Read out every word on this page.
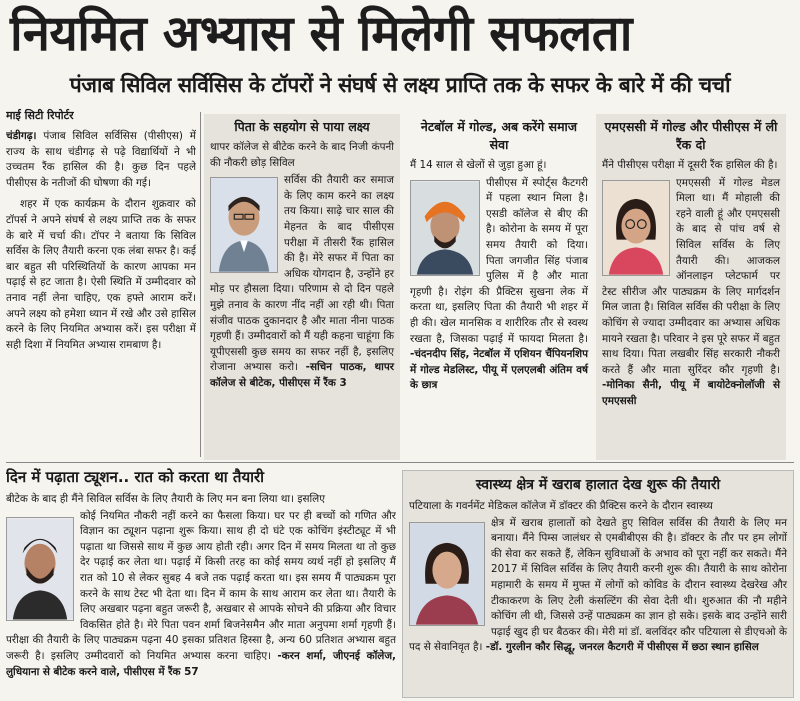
नियमित अभ्यास से मिलेगी सफलता
पंजाब सिविल सर्विसिस के टॉपरों ने संघर्ष से लक्ष्य प्राप्ति तक के सफर के बारे में की चर्चा
माई सिटी रिपोर्टर

चंडीगढ़। पंजाब सिविल सर्विसिस (पीसीएस) में राज्य के साथ चंडीगढ़ से पढ़े विद्यार्थियों ने भी उच्चतम रैंक हासिल की है। कुछ दिन पहले पीसीएस के नतीजों की घोषणा की गई।

शहर में एक कार्यक्रम के दौरान शुक्रवार को टॉपर्स ने अपने संघर्ष से लक्ष्य प्राप्ति तक के सफर के बारे में चर्चा की। टॉपर ने बताया कि सिविल सर्विस के लिए तैयारी करना एक लंबा सफर है। कई बार बहुत सी परिस्थितियों के कारण आपका मन पढ़ाई से हट जाता है। ऐसी स्थिति में उम्मीदवार को तनाव नहीं लेना चाहिए, एक हफ्ते आराम करें। अपने लक्ष्य को हमेशा ध्यान में रखे और उसे हासिल करने के लिए नियमित अभ्यास करें। इस परीक्षा में सही दिशा में नियमित अभ्यास रामबाण है।

पिता के सहयोग से पाया लक्ष्य

थापर कॉलेज से बीटेक करने के बाद निजी कंपनी की नौकरी छोड़ सिविल

सर्विस की तैयारी कर समाज के लिए काम करने का लक्ष्य तय किया। साढ़े चार साल की मेहनत के बाद पीसीएस परीक्षा में तीसरी रैंक हासिल की है। मेरे सफर में पिता का अधिक योगदान है, उन्होंने हर मोड़ पर हौसला दिया। परिणाम से दो दिन पहले मुझे तनाव के कारण नींद नहीं आ रही थी। पिता संजीव पाठक दुकानदार है और माता नीना पाठक गृहणी हैं। उम्मीदवारों को मैं यही कहना चाहूंगा कि यूपीएससी कुछ समय का सफर नहीं है, इसलिए रोजाना अभ्यास करो। -सचिन पाठक, थापर कॉलेज से बीटेक, पीसीएस में रैंक 3
नेटबॉल में गोल्ड, अब करेंगे समाज सेवा

मैं 14 साल से खेलों से जुड़ा हुआ हूं।

पीसीएस में स्पोर्ट्स कैटगरी में पहला स्थान मिला है। एसडी कॉलेज से बीए की है। कोरोना के समय में पूरा समय तैयारी को दिया। पिता जगजीत सिंह पंजाब पुलिस में है और माता गृहणी है। रोइंग की प्रैक्टिस सुखना लेक में करता था, इसलिए पिता की तैयारी भी शहर में ही की। खेल मानसिक व शारीरिक तौर से स्वस्थ रखता है, जिसका पढ़ाई में फायदा मिलता है। -चंदनदीप सिंह, नेटबॉल में एशियन चैंपियनशिप में गोल्ड मेडलिस्ट, पीयू में एलएलबी अंतिम वर्ष के छात्र
एमएससी में गोल्ड और पीसीएस में ली रैंक दो

मैंने पीसीएस परीक्षा में दूसरी रैंक हासिल की है।

एमएससी में गोल्ड मेडल मिला था। मैं मोहाली की रहने वाली हूं और एमएससी के बाद से पांच वर्ष से सिविल सर्विस के लिए तैयारी की। आजकल ऑनलाइन प्लेटफार्म पर टेस्ट सीरीज और पाठ्यक्रम के लिए मार्गदर्शन मिल जाता है। सिविल सर्विस की परीक्षा के लिए कोचिंग से ज्यादा उम्मीदवार का अभ्यास अधिक मायने रखता है। परिवार ने इस पूरे सफर में बहुत साथ दिया। पिता लखबीर सिंह सरकारी नौकरी करते हैं और माता सुरिंदर कौर गृहणी है। -मोनिका सैनी, पीयू में बायोटेक्नोलॉजी से एमएससी
दिन में पढ़ाता ट्यूशन.. रात को करता था तैयारी

बीटेक के बाद ही मैंने सिविल सर्विस के लिए तैयारी के लिए मन बना लिया था। इसलिए

कोई नियमित नौकरी नहीं करने का फैसला किया। घर पर ही बच्चों को गणित और विज्ञान का ट्यूशन पढ़ाना शुरू किया। साथ ही दो घंटे एक कोचिंग इंस्टीट्यूट में भी पढ़ाता था जिससे साथ में कुछ आय होती रही। अगर दिन में समय मिलता था तो कुछ देर पढ़ाई कर लेता था। पढ़ाई में किसी तरह का कोई समय व्यर्थ नहीं हो इसलिए मैं रात को 10 से लेकर सुबह 4 बजे तक पढ़ाई करता था। इस समय मैं पाठ्यक्रम पूरा करने के साथ टेस्ट भी देता था। दिन में काम के साथ आराम कर लेता था। तैयारी के लिए अखबार पढ़ना बहुत जरूरी है, अखबार से आपके सोचने की प्रक्रिया और विचार विकसित होते है। मेरे पिता पवन शर्मा बिजनेसमैन और माता अनुपमा शर्मा गृहणी हैं। परीक्षा की तैयारी के लिए पाठ्यक्रम पढ़ना 40 इसका प्रतिशत हिस्सा है, अन्य 60 प्रतिशत अभ्यास बहुत जरूरी है। इसलिए उम्मीदवारों को नियमित अभ्यास करना चाहिए। -करन शर्मा, जीएनई कॉलेज, लुधियाना से बीटेक करने वाले, पीसीएस में रैंक 57
स्वास्थ्य क्षेत्र में खराब हालात देख शुरू की तैयारी

पटियाला के गवर्नमेंट मेडिकल कॉलेज में डॉक्टर की प्रैक्टिस करने के दौरान स्वास्थ्य

क्षेत्र में खराब हालातों को देखते हुए सिविल सर्विस की तैयारी के लिए मन बनाया। मैंने पिम्स जालंधर से एमबीबीएस की है। डॉक्टर के तौर पर हम लोगों की सेवा कर सकते हैं, लेकिन सुविधाओं के अभाव को पूरा नहीं कर सकते। मैंने 2017 में सिविल सर्विस के लिए तैयारी करनी शुरू की। तैयारी के साथ कोरोना महामारी के समय में मुफ्त में लोगों को कोविड के दौरान स्वास्थ्य देखरेख और टीकाकरण के लिए टेली कंसल्टिंग की सेवा देती थी। शुरुआत की नौ महीने कोचिंग ली थी, जिससे उन्हें पाठ्यक्रम का ज्ञान हो सके। इसके बाद उन्होंने सारी पढ़ाई खुद ही घर बैठकर की। मेरी मां डॉ. बलविंदर कौर पटियाला से डीएचओ के पद से सेवानिवृत है। -डॉ. गुरलीन कौर सिद्धू, जनरल कैटगरी में पीसीएस में छठा स्थान हासिल
